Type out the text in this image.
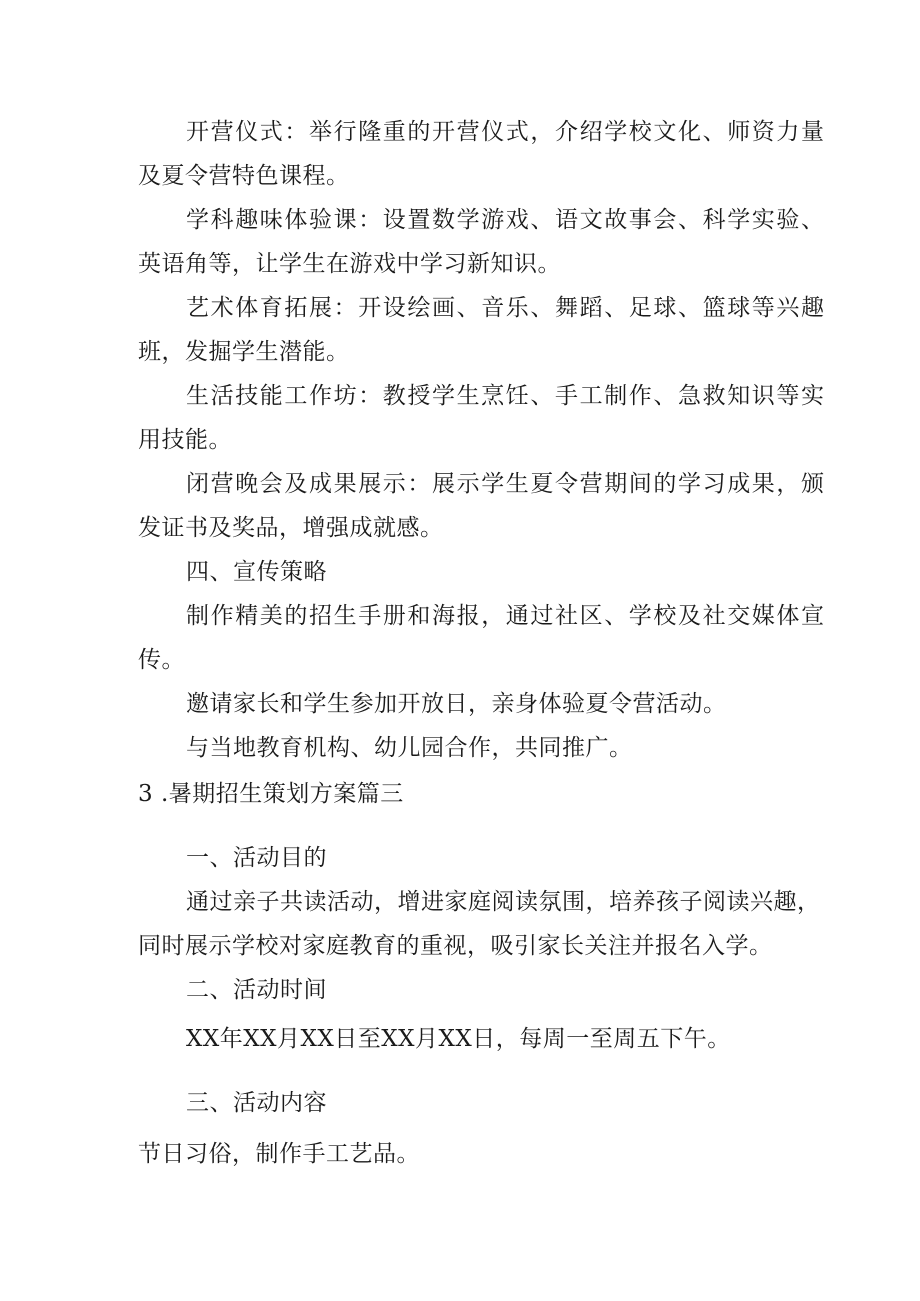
开营仪式：举行隆重的开营仪式，介绍学校文化、师资力量
及夏令营特色课程。
学科趣味体验课：设置数学游戏、语文故事会、科学实验、
英语角等，让学生在游戏中学习新知识。
艺术体育拓展：开设绘画、音乐、舞蹈、足球、篮球等兴趣
班，发掘学生潜能。
生活技能工作坊：教授学生烹饪、手工制作、急救知识等实
用技能。
闭营晚会及成果展示：展示学生夏令营期间的学习成果，颁
发证书及奖品，增强成就感。
四、宣传策略
制作精美的招生手册和海报，通过社区、学校及社交媒体宣
传。
邀请家长和学生参加开放日，亲身体验夏令营活动。
与当地教育机构、幼儿园合作，共同推广。
3 .暑期招生策划方案篇三
一、活动目的
通过亲子共读活动，增进家庭阅读氛围，培养孩子阅读兴趣，
同时展示学校对家庭教育的重视，吸引家长关注并报名入学。
二、活动时间
XX年XX月XX日至XX月XX日，每周一至周五下午。
三、活动内容
节日习俗，制作手工艺品。
